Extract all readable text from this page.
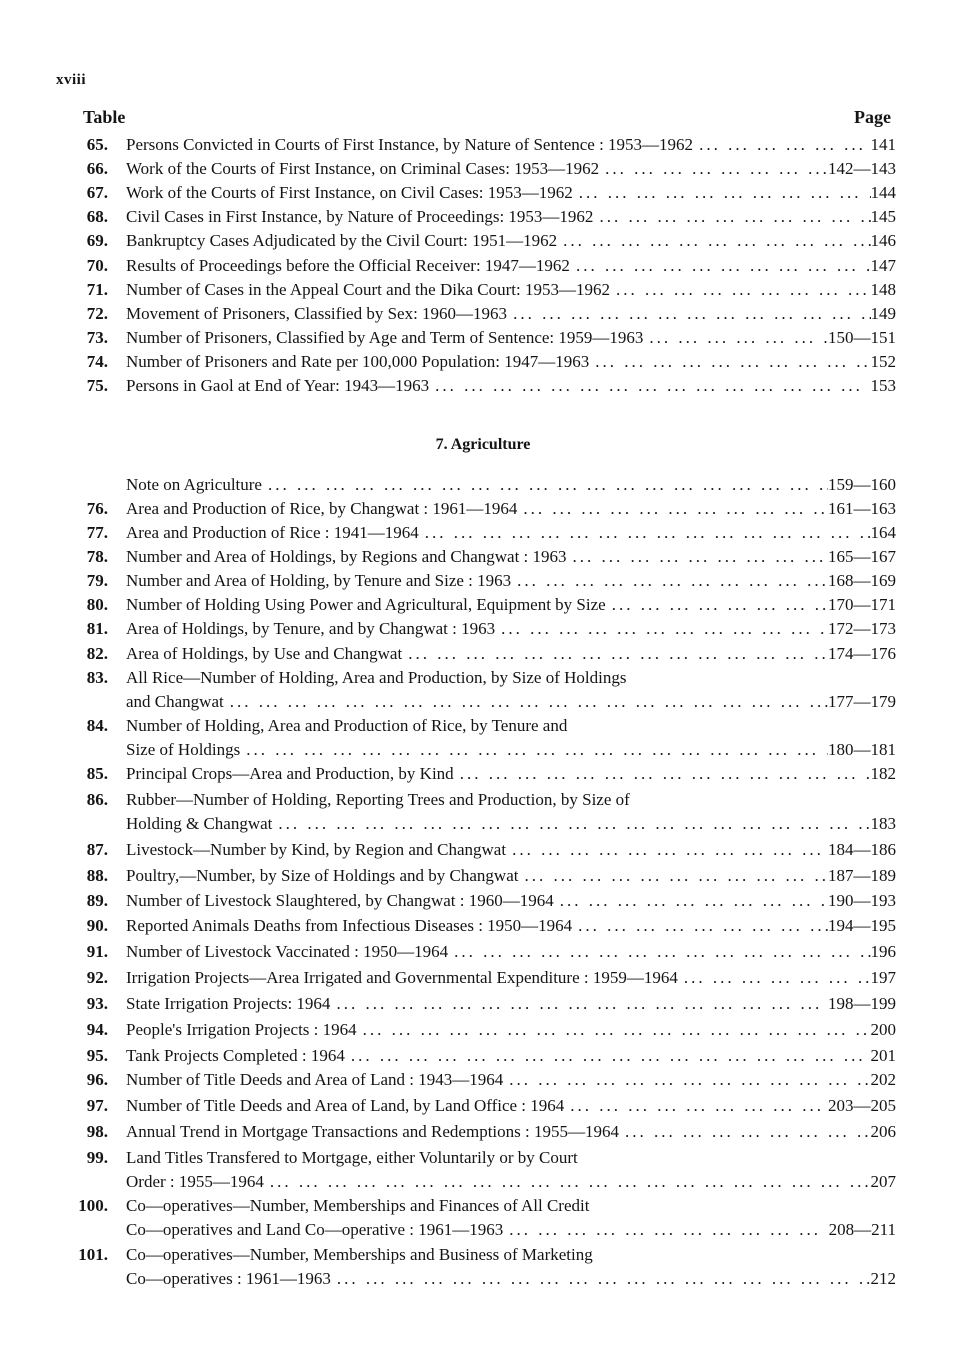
xviii
Table	Page
7. Agriculture
65. Persons Convicted in Courts of First Instance, by Nature of Sentence : 1953—1962 ... .	141
66. Work of the Courts of First Instance, on Criminal Cases: 1953—1962 ... .	142—143
67. Work of the Courts of First Instance, on Civil Cases: 1953—1962 ... .	144
68. Civil Cases in First Instance, by Nature of Proceedings: 1953—1962 ... .	145
69. Bankruptcy Cases Adjudicated by the Civil Court: 1951—1962 ... .	146
70. Results of Proceedings before the Official Receiver: 1947—1962 ... .	147
71. Number of Cases in the Appeal Court and the Dika Court: 1953—1962 ... .	148
72. Movement of Prisoners, Classified by Sex: 1960—1963 ... .	149
73. Number of Prisoners, Classified by Age and Term of Sentence: 1959—1963 ... .	150—151
74. Number of Prisoners and Rate per 100,000 Population: 1947—1963 ... .	152
75. Persons in Gaol at End of Year: 1943—1963 ... .	153
Note on Agriculture ... .	159—160
76. Area and Production of Rice, by Changwat : 1961—1964 ... .	161—163
77. Area and Production of Rice : 1941—1964 ... .	164
78. Number and Area of Holdings, by Regions and Changwat : 1963 ... .	165—167
79. Number and Area of Holding, by Tenure and Size : 1963 ... .	168—169
80. Number of Holding Using Power and Agricultural, Equipment by Size ... .	170—171
81. Area of Holdings, by Tenure, and by Changwat : 1963 ... .	172—173
82. Area of Holdings, by Use and Changwat ... .	174—176
83. All Rice—Number of Holding, Area and Production, by Size of Holdings
and Changwat ... .	177—179
84. Number of Holding, Area and Production of Rice, by Tenure and
Size of Holdings ... .	180—181
85. Principal Crops—Area and Production, by Kind ... .	182
86. Rubber—Number of Holding, Reporting Trees and Production, by Size of
Holding & Changwat ... .	183
87. Livestock—Number by Kind, by Region and Changwat ... .	184—186
88. Poultry,—Number, by Size of Holdings and by Changwat ... .	187—189
89. Number of Livestock Slaughtered, by Changwat : 1960—1964 ... .	190—193
90. Reported Animals Deaths from Infectious Diseases : 1950—1964 ... .	194—195
91. Number of Livestock Vaccinated : 1950—1964 ... .	196
92. Irrigation Projects—Area Irrigated and Governmental Expenditure : 1959—1964 ... .	197
93. State Irrigation Projects: 1964 ... .	198—199
94. People's Irrigation Projects : 1964 ... .	200
95. Tank Projects Completed : 1964 ... .	201
96. Number of Title Deeds and Area of Land : 1943—1964 ... .	202
97. Number of Title Deeds and Area of Land, by Land Office : 1964 ... .	203—205
98. Annual Trend in Mortgage Transactions and Redemptions : 1955—1964 ... .	206
99. Land Titles Transfered to Mortgage, either Voluntarily or by Court
Order : 1955—1964 ... .	207
100. Co—operatives—Number, Memberships and Finances of All Credit
Co—operatives and Land Co—operative : 1961—1963 ... .	208—211
101. Co—operatives—Number, Memberships and Business of Marketing
Co—operatives : 1961—1963 ... .	212
